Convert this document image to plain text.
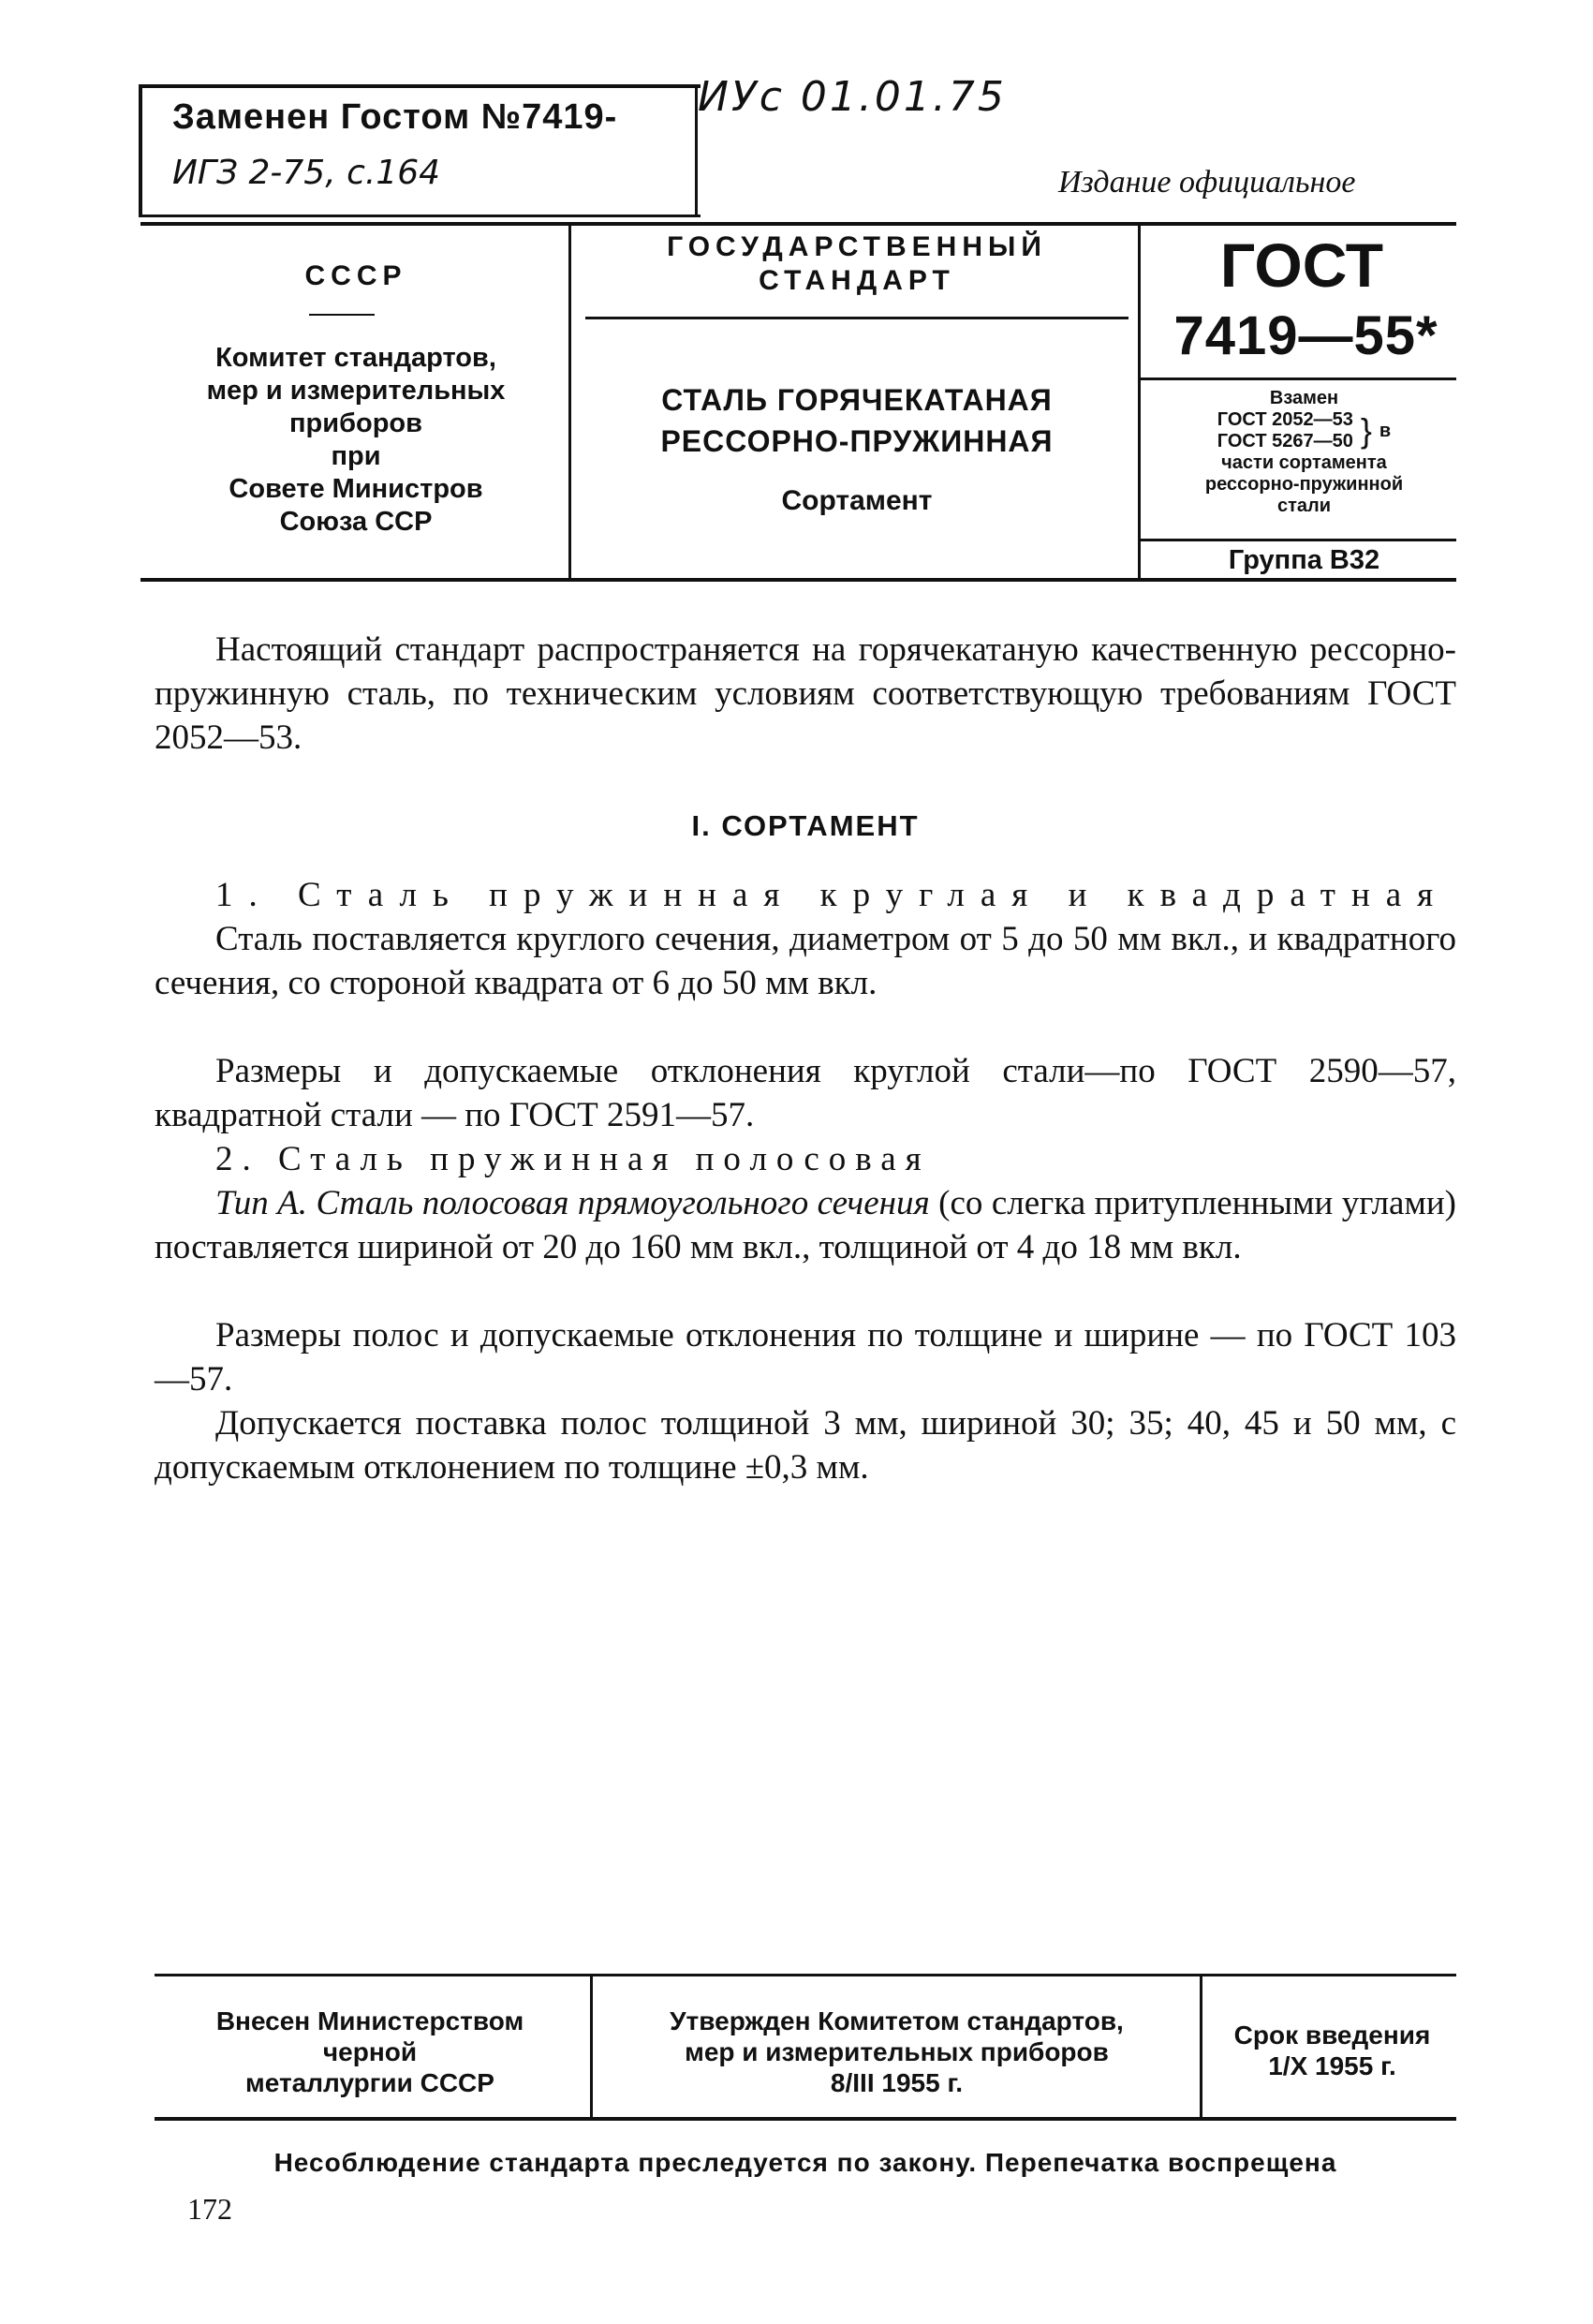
Заменен Гостом №7419-
ИГЗ 2-75, с.164
ИУс 01.01.75
Издание официальное
СССР
Комитет стандартов,
мер и измерительных
приборов
при
Совете Министров
Союза ССР
ГОСУДАРСТВЕННЫЙ
СТАНДАРТ
СТАЛЬ ГОРЯЧЕКАТАНАЯ
РЕССОРНО-ПРУЖИННАЯ
Сортамент
ГОСТ
7419—55*
Взамен
ГОСТ 2052—53
ГОСТ 5267—50 } в
части сортамента
рессорно-пружинной
стали
Группа В32
Настоящий стандарт распространяется на горячекатаную качественную рессорно-пружинную сталь, по техническим условиям соответствующую требованиям ГОСТ 2052—53.
I. СОРТАМЕНТ
1. Сталь пружинная круглая и квадратная
Сталь поставляется круглого сечения, диаметром от 5 до 50 мм вкл., и квадратного сечения, со стороной квадрата от 6 до 50 мм вкл.
Размеры и допускаемые отклонения круглой стали—по ГОСТ 2590—57, квадратной стали — по ГОСТ 2591—57.
2. Сталь пружинная полосовая
Тип А. Сталь полосовая прямоугольного сечения (со слегка притупленными углами) поставляется шириной от 20 до 160 мм вкл., толщиной от 4 до 18 мм вкл.
Размеры полос и допускаемые отклонения по толщине и ширине — по ГОСТ 103—57.
Допускается поставка полос толщиной 3 мм, шириной 30; 35; 40, 45 и 50 мм, с допускаемым отклонением по толщине ±0,3 мм.
Внесен Министерством
черной
металлургии СССР
Утвержден Комитетом стандартов,
мер и измерительных приборов
8/III 1955 г.
Срок введения
1/X 1955 г.
Несоблюдение стандарта преследуется по закону. Перепечатка воспрещена
172
